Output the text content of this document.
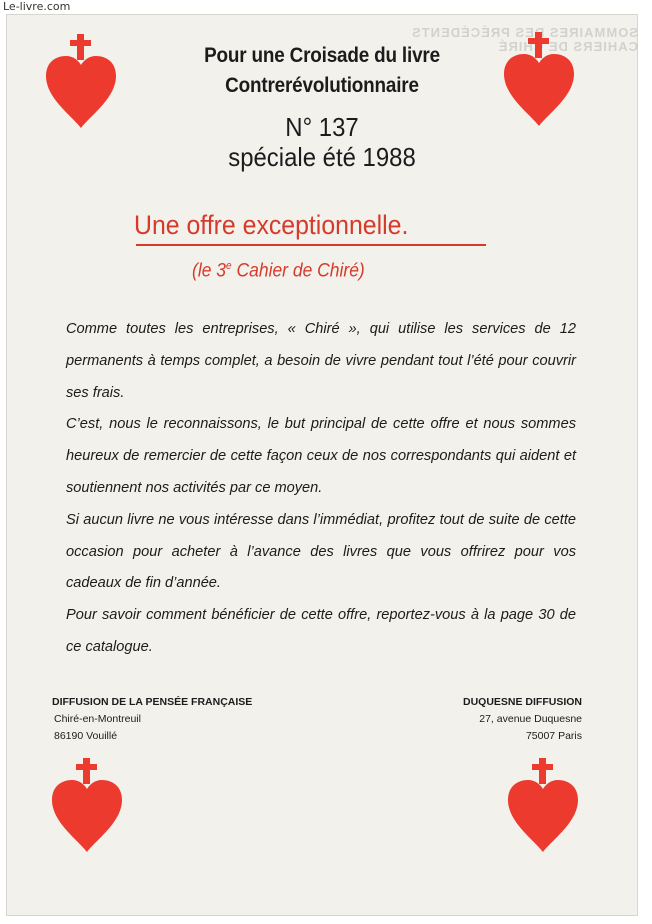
Le-livre.com
SOMMAIRES DES PRÉCÉDENTS CAHIERS DE CHIRÉ
Pour une Croisade du livre
Contrerévolutionnaire
N° 137
spéciale été 1988
Une offre exceptionnelle.
(le 3e Cahier de Chiré)

Comme toutes les entreprises, « Chiré », qui utilise les services de 12 permanents à temps complet, a besoin de vivre pendant tout l’été pour couvrir ses frais.

C’est, nous le reconnaissons, le but principal de cette offre et nous sommes heureux de remercier de cette façon ceux de nos correspondants qui aident et soutiennent nos activités par ce moyen.

Si aucun livre ne vous intéresse dans l’immédiat, profitez tout de suite de cette occasion pour acheter à l’avance des livres que vous offrirez pour vos cadeaux de fin d’année.

Pour savoir comment bénéficier de cette offre, reportez-vous à la page 30 de ce catalogue.

DIFFUSION DE LA PENSÉE FRANÇAISE
Chiré-en-Montreuil
86190 Vouillé
DUQUESNE DIFFUSION
27, avenue Duquesne
75007 Paris
